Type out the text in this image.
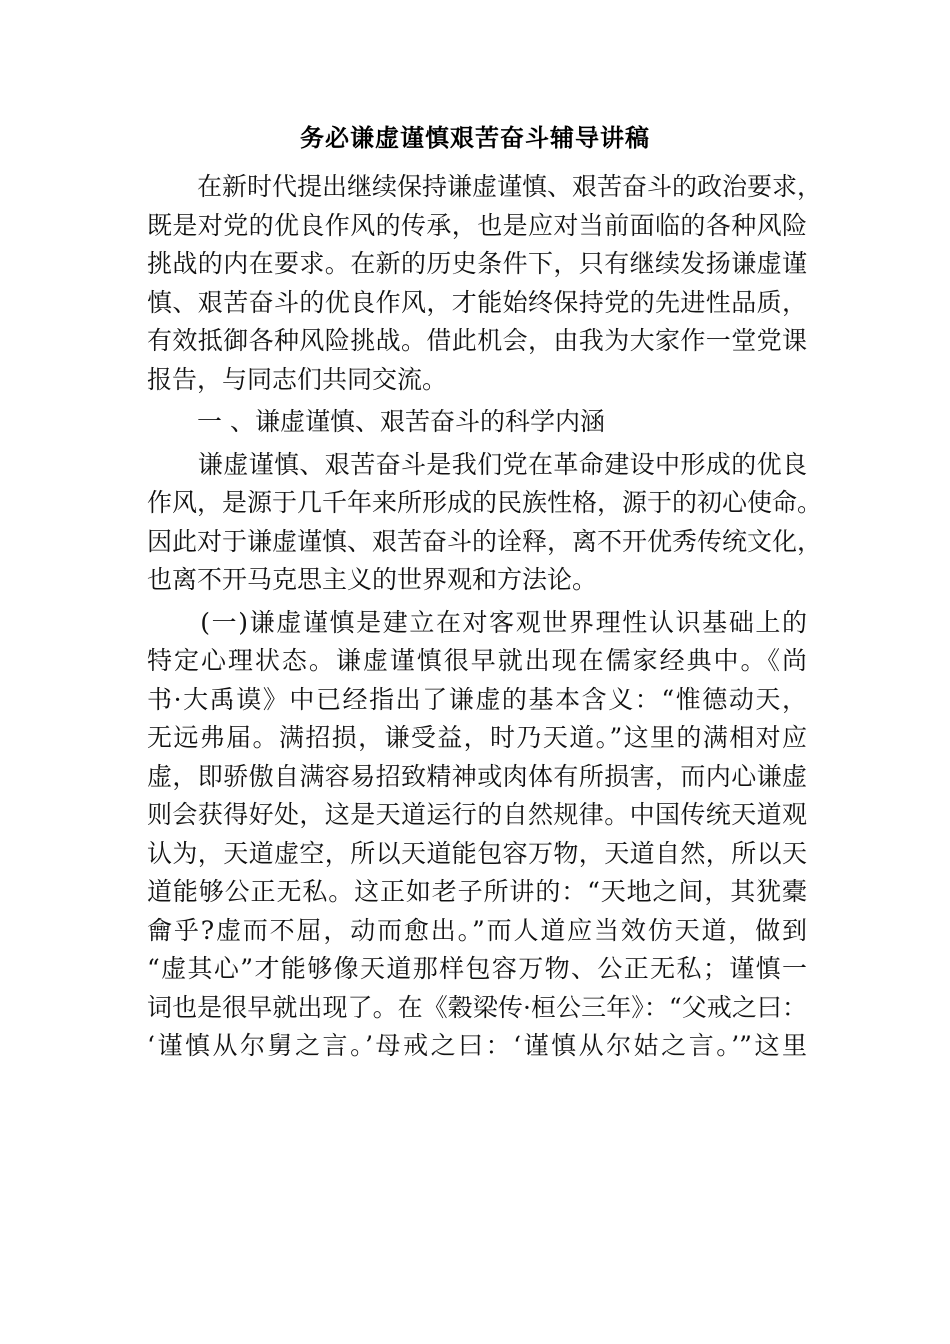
务必谦虚谨慎艰苦奋斗辅导讲稿
　　在新时代提出继续保持谦虚谨慎、艰苦奋斗的政治要求，
既是对党的优良作风的传承，也是应对当前面临的各种风险
挑战的内在要求。在新的历史条件下，只有继续发扬谦虚谨
慎、艰苦奋斗的优良作风，才能始终保持党的先进性品质，
有效抵御各种风险挑战。借此机会，由我为大家作一堂党课
报告，与同志们共同交流。
　　一 、谦虚谨慎、艰苦奋斗的科学内涵
　　谦虚谨慎、艰苦奋斗是我们党在革命建设中形成的优良
作风，是源于几千年来所形成的民族性格，源于的初心使命。
因此对于谦虚谨慎、艰苦奋斗的诠释，离不开优秀传统文化，
也离不开马克思主义的世界观和方法论。
　　(一)谦虚谨慎是建立在对客观世界理性认识基础上的
特定心理状态。谦虚谨慎很早就出现在儒家经典中。《尚
书·大禹谟》中已经指出了谦虚的基本含义：“惟德动天，
无远弗届。满招损，谦受益，时乃天道。”这里的满相对应
虚，即骄傲自满容易招致精神或肉体有所损害，而内心谦虚
则会获得好处，这是天道运行的自然规律。中国传统天道观
认为，天道虚空，所以天道能包容万物，天道自然，所以天
道能够公正无私。这正如老子所讲的：“天地之间，其犹橐
龠乎?虚而不屈，动而愈出。”而人道应当效仿天道，做到
“虚其心”才能够像天道那样包容万物、公正无私；谨慎一
词也是很早就出现了。在《穀梁传·桓公三年》：“父戒之曰：
‘谨慎从尔舅之言。’母戒之曰：‘谨慎从尔姑之言。’”这里
